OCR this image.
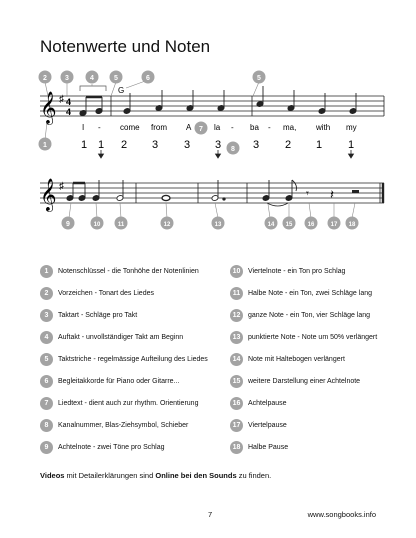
Notenwerte und Noten
𝄞 ♯ 4
4
G
I - come from A	la - ba - ma, with my
1 1 2 3 3 3	3 2 1 1
2	3	4	5	6	5
1
7
8
𝄞 ♯
𝄾 𝄽
9	10	11	12	13	14 15	16	17 18
1	Notenschlüssel - die Tonhöhe der Notenlinien
2	Vorzeichen - Tonart des Liedes
3	Taktart - Schläge pro Takt
4	Auftakt - unvollständiger Takt am Beginn
5	Taktstriche - regelmässige Aufteilung des Liedes
6	Begleitakkorde für Piano oder Gitarre...
7	Liedtext - dient auch zur rhythm. Orientierung
8	Kanalnummer, Blas-Ziehsymbol, Schieber
9	Achtelnote - zwei Töne pro Schlag
10	Viertelnote - ein Ton pro Schlag
11	Halbe Note - ein Ton, zwei Schläge lang
12	ganze Note - ein Ton, vier Schläge lang
13	punktierte Note - Note um 50% verlängert
14	Note mit Haltebogen verlängert
15	weitere Darstellung einer Achtelnote
16	Achtelpause
17	Viertelpause
18	Halbe Pause
Videos mit Detailerklärungen sind Online bei den Sounds zu finden.
7	www.songbooks.info
